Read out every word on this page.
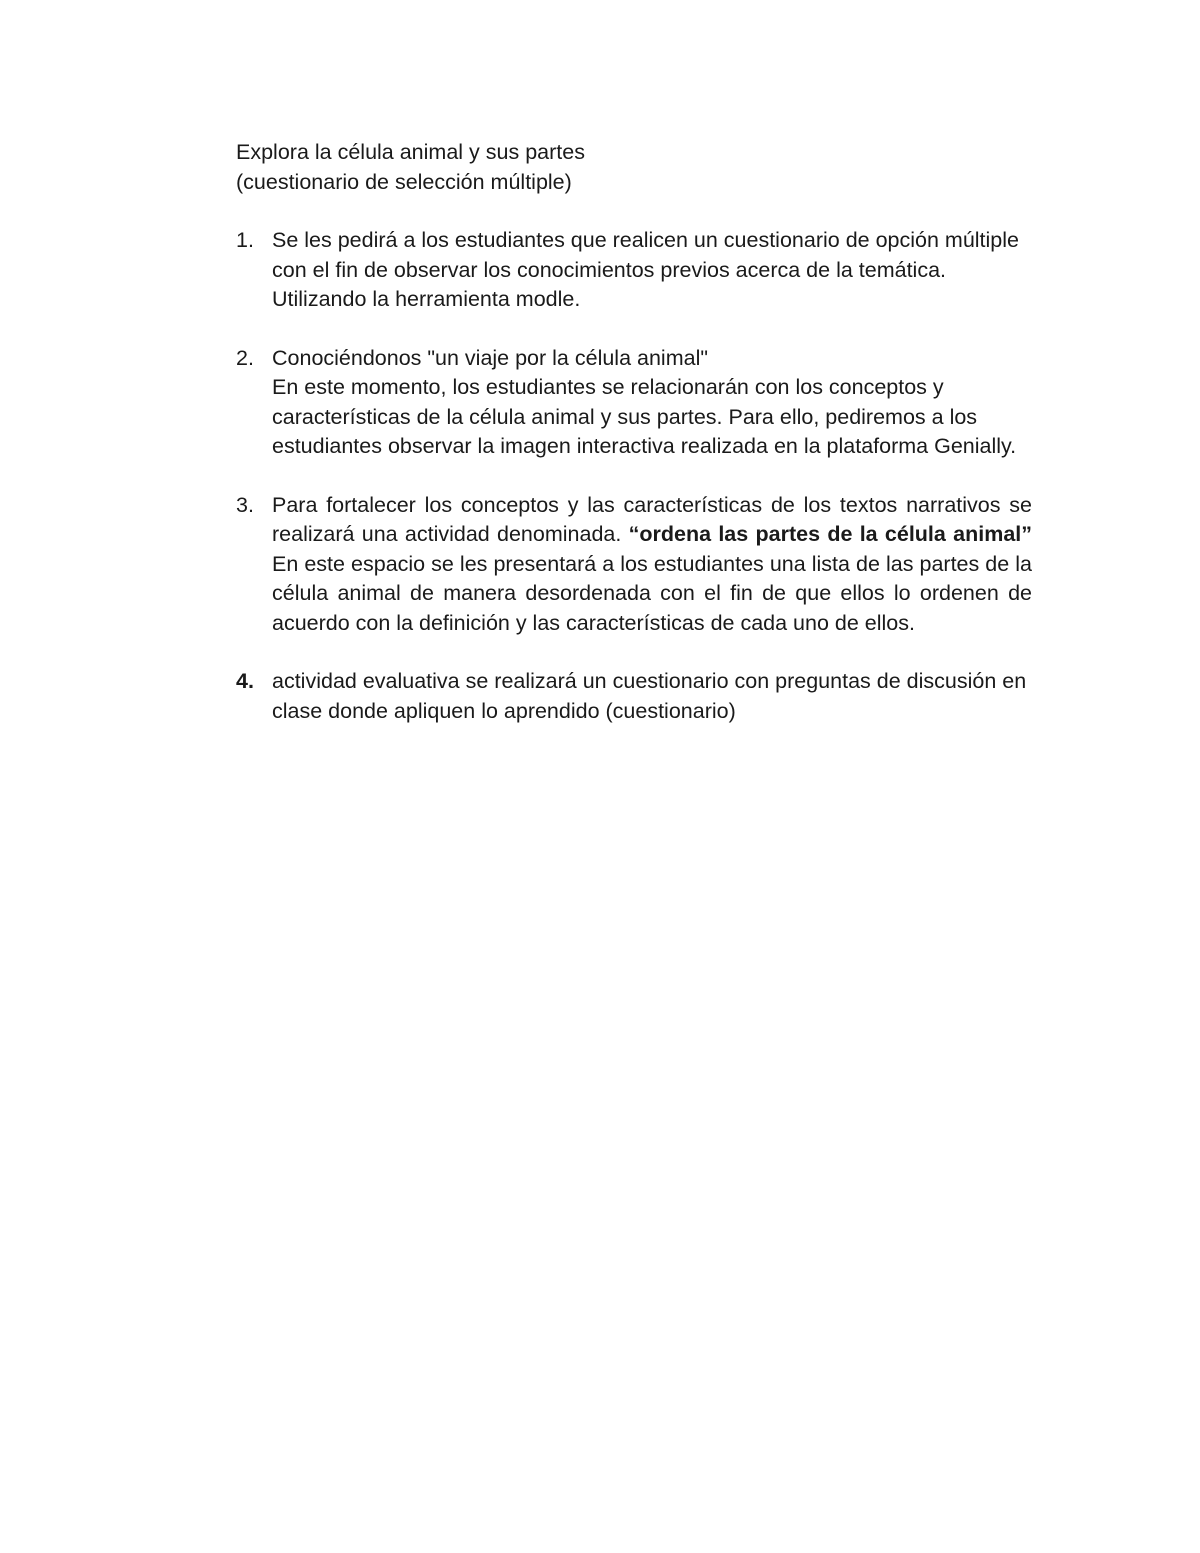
Explora la célula animal y sus partes
(cuestionario de selección múltiple)
1. Se les pedirá a los estudiantes que realicen un cuestionario de opción múltiple con el fin de observar los conocimientos previos acerca de la temática. Utilizando la herramienta modle.
2. Conociéndonos "un viaje por la célula animal"
En este momento, los estudiantes se relacionarán con los conceptos y características de la célula animal y sus partes. Para ello, pediremos a los estudiantes observar la imagen interactiva realizada en la plataforma Genially.
3. Para fortalecer los conceptos y las características de los textos narrativos se realizará una actividad denominada. “ordena las partes de la célula animal” En este espacio se les presentará a los estudiantes una lista de las partes de la célula animal de manera desordenada con el fin de que ellos lo ordenen de acuerdo con la definición y las características de cada uno de ellos.
4. actividad evaluativa se realizará un cuestionario con preguntas de discusión en clase donde apliquen lo aprendido (cuestionario)
